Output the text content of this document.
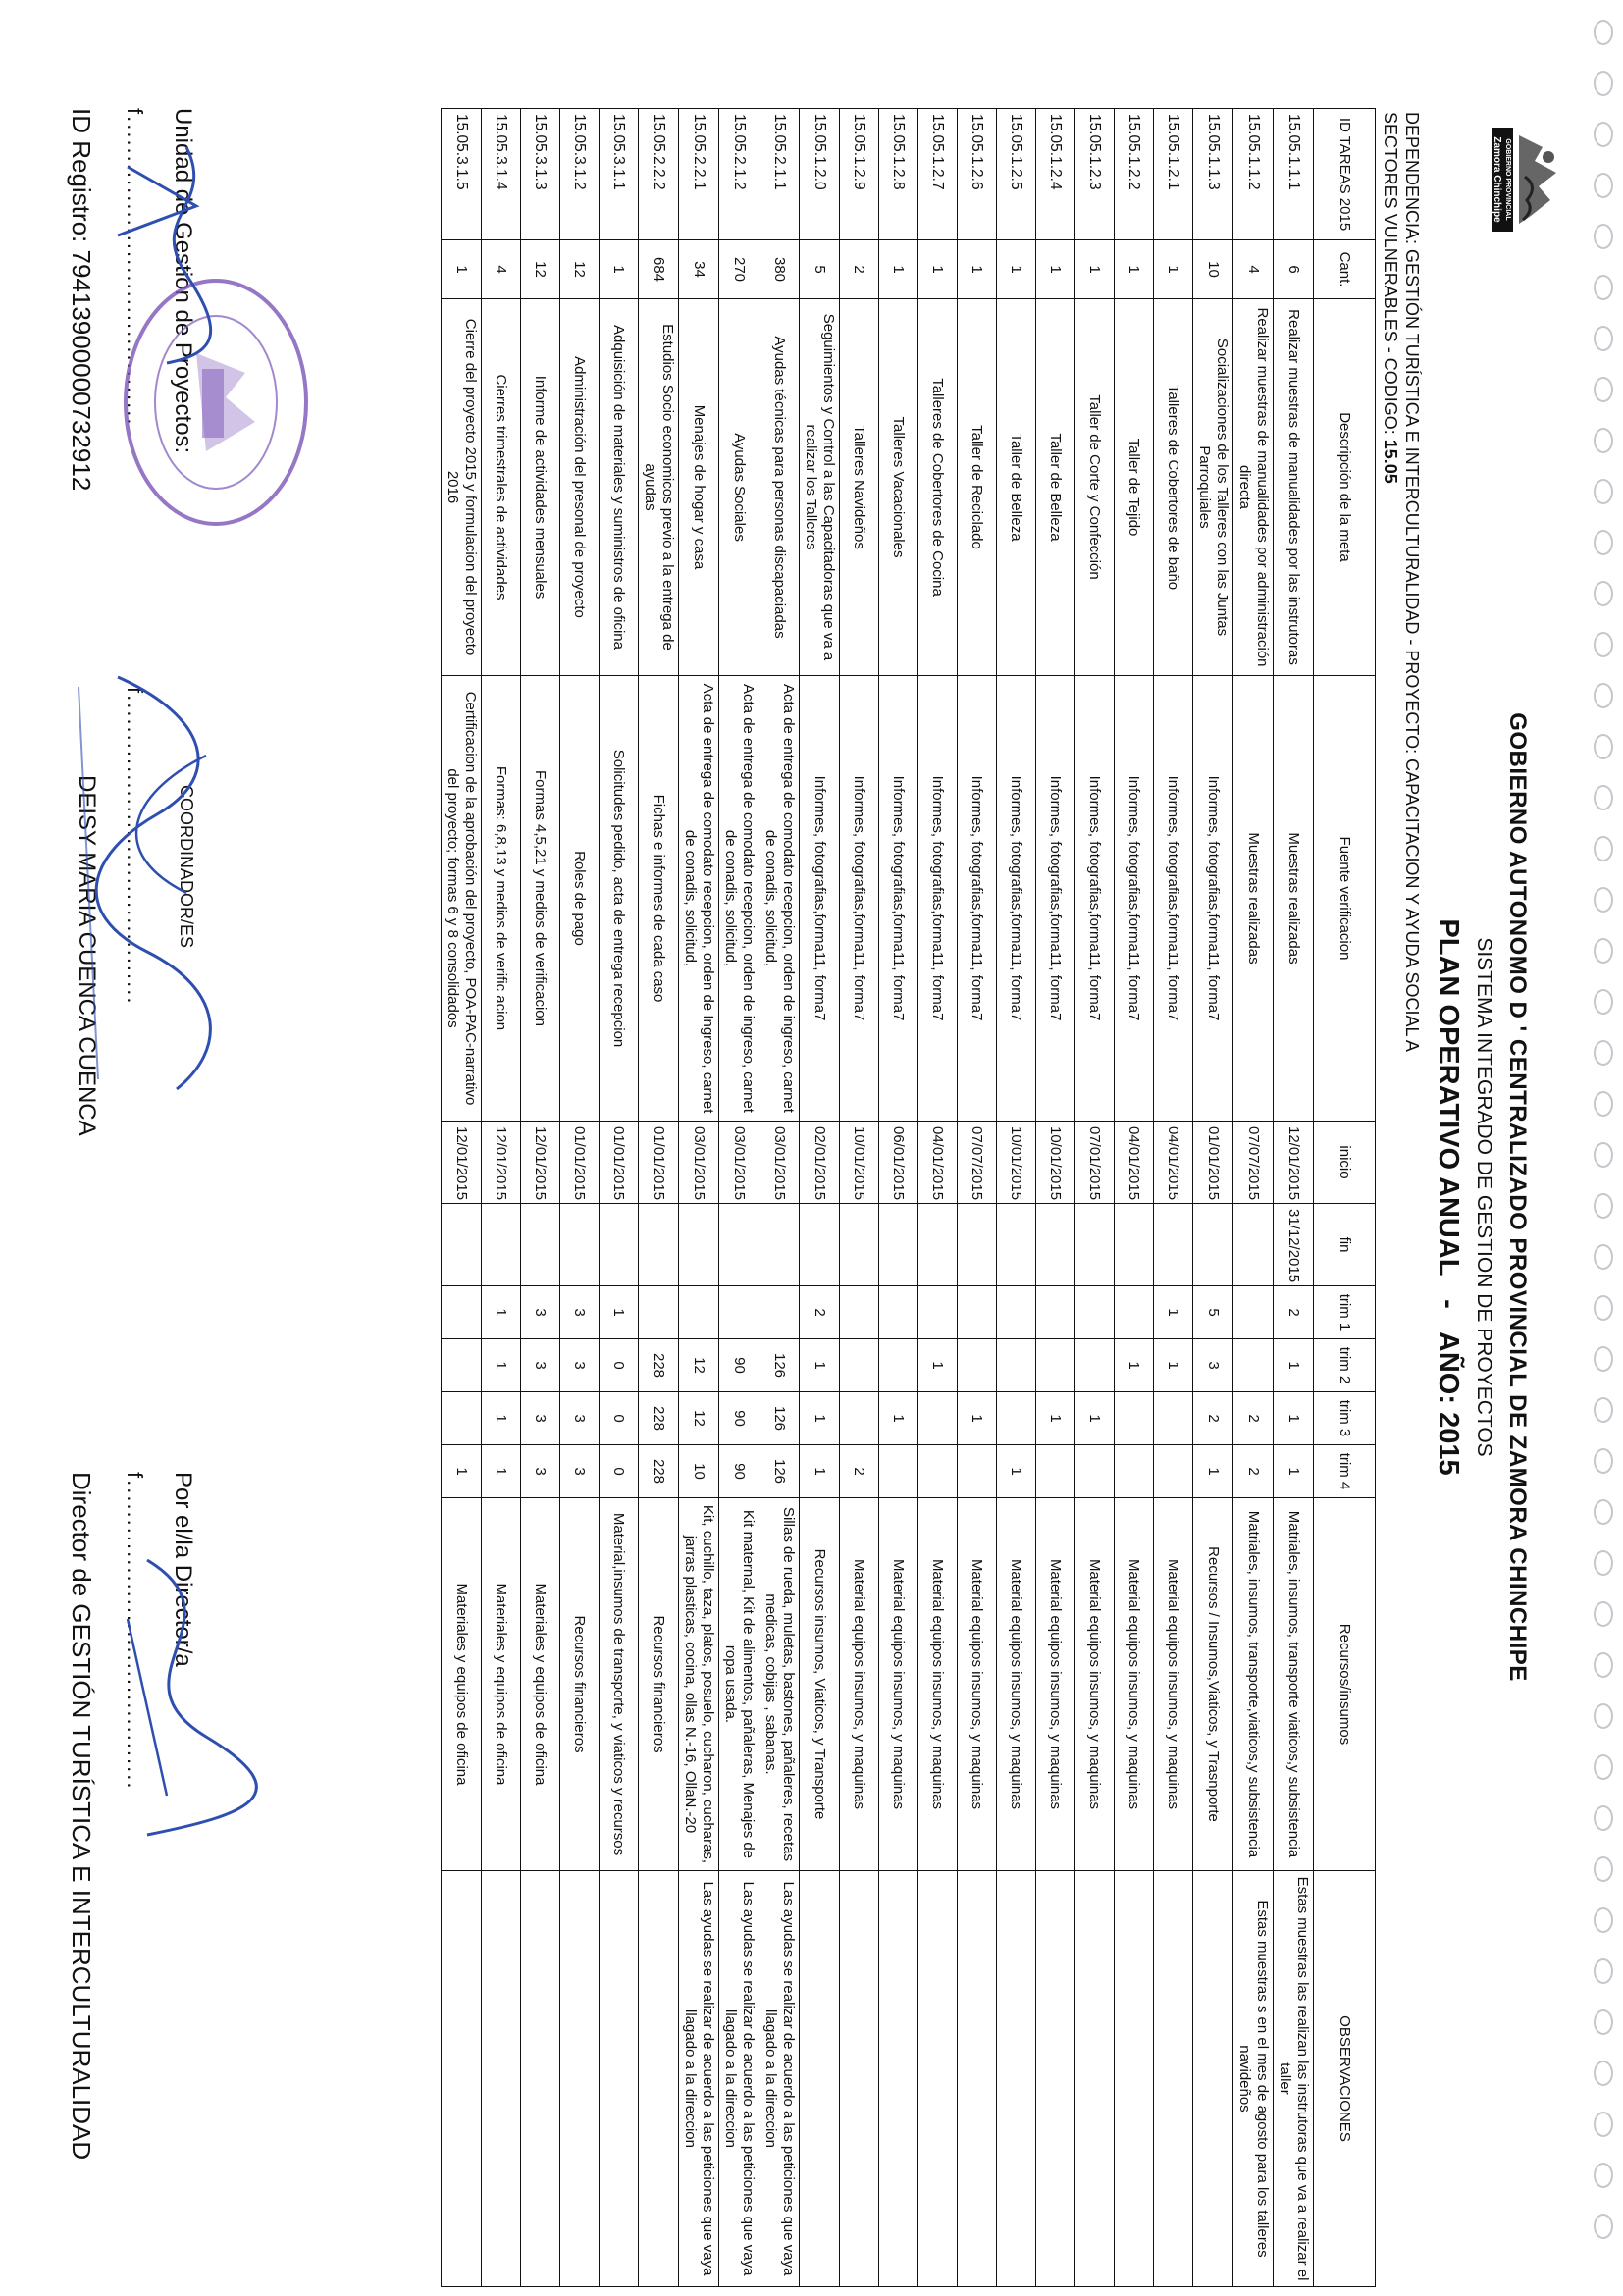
GOBIERNO PROVINCIAL
Zamora Chinchipe
GOBIERNO AUTONOMO D ' CENTRALIZADO PROVINCIAL DE ZAMORA CHINCHIPE
SISTEMA INTEGRADO DE GESTION DE PROYECTOS
PLAN OPERATIVO ANUAL   -   AÑO: 2015
DEPENDENCIA: GESTIÓN TURÍSTICA E INTERCULTURALIDAD - PROYECTO: CAPACITACION Y AYUDA SOCIAL A
SECTORES VULNERABLES - CODIGO: 15.05
ID TAREAS 2015	Cant.	Descripción de la meta	Fuente verificacion	inicio	fin	trim 1	trim 2	trim 3	trim 4	Recursos/insumos	OBSERVACIONES
15.05.1.1.1	6	Realizar muestras de manualidades por las instrutoras	Muestras realizadas	12/01/2015	31/12/2015	2	1	1	1	Matriales, insumos, transporte viaticos,y subsistencia	Estas muestras las realizan las instrutoras que va a realizar el taller
15.05.1.1.2	4	Realizar muestras de manualidades por administración directa	Muestras realizadas	07/07/2015				2	2	Matriales, insumos, transporte,viaticos,y subsistencia	Estas muestras s en el mes de agosto para los talleres navideños
15.05.1.1.3	10	Socializaciones de los Talleres con las Juntas Parroquiales	Informes, fotografias,forma11, forma7	01/01/2015		5	3	2	1	Recursos / Insumos,Viaticos, y Trasnporte	
15.05.1.2.1	1	Talleres de Cobertores de baño	Informes, fotografias,forma11, forma7	04/01/2015		1	1			Material equipos insumos, y maquinas	
15.05.1.2.2	1	Taller de Tejido	Informes, fotografias,forma11, forma7	04/01/2015			1			Material equipos insumos, y maquinas	
15.05.1.2.3	1	Taller de Corte y Confección	Informes, fotografias,forma11, forma7	07/01/2015				1		Material equipos insumos, y maquinas	
15.05.1.2.4	1	Taller de Belleza	Informes, fotografias,forma11, forma7	10/01/2015				1		Material equipos insumos, y maquinas	
15.05.1.2.5	1	Taller de Belleza	Informes, fotografias,forma11, forma7	10/01/2015					1	Material equipos insumos, y maquinas	
15.05.1.2.6	1	Taller de Reciclado	Informes, fotografias,forma11, forma7	07/07/2015				1		Material equipos insumos, y maquinas	
15.05.1.2.7	1	Talleres de Cobertores de Cocina	Informes, fotografias,forma11, forma7	04/01/2015			1			Material equipos insumos, y maquinas	
15.05.1.2.8	1	Talleres Vacacionales	Informes, fotografias,forma11, forma7	06/01/2015				1		Material equipos insumos, y maquinas	
15.05.1.2.9	2	Talleres Navideños	Informes, fotografias,forma11, forma7	10/01/2015					2	Material equipos insumos, y maquinas	
15.05.1.2.0	5	Seguimientos y Control a las Capacitadoras que va a realizar los Talleres	Informes, fotografias,forma11, forma7	02/01/2015		2	1	1	1	Recursos insumos, Viaticos, y Transporte	
15.05.2.1.1	380	Ayudas técnicas para personas discapaciadas	Acta de entrega de comodato recepcion, orden de ingreso, carnet de conadis, solicitud,	03/01/2015			126	126	126	Sillas de rueda, muletas, bastones, pañaleres, recetas medicas, cobijas , sabanas.	Las ayudas se realizar de acuerdo a las peticiones que vaya llagado a la direccion
15.05.2.1.2	270	Ayudas Sociales	Acta de entrega de comodato recepcion, orden de ingreso, carnet de conadis, solicitud,	03/01/2015			90	90	90	Kit maternal, Kit de alimentos, pañaleras, Menajes de ropa usada.	Las ayudas se realizar de acuerdo a las peticiones que vaya llagado a la direccion
15.05.2.2.1	34	Menajes de hogar y casa	Acta de entrega de comodato recepcion, orden de Ingreso, carnet de conadis, solicitud,	03/01/2015			12	12	10	Kit, cuchillo, taza, platos, posuelo, cucharon, cucharas, jarras plasticas, cocina, ollas N.-16, OllaN.-20	Las ayudas se realizar de acuerdo a las peticiones que vaya llagado a la direccion
15.05.2.2.2	684	Estudios Socio economicos previo a la entrega de ayudas	Fichas e informes de cada caso	01/01/2015			228	228	228	Recursos financieros	
15.05.3.1.1	1	Adquisición de materiales y suministros de oficina	Solicitudes pedido, acta de entrega recepcion	01/01/2015		1	0	0	0	Material,insumos de transporte, y viaticos y recursos	
15.05.3.1.2	12	Administración del presonal de proyecto	Roles de pago	01/01/2015		3	3	3	3	Recursos financieros	
15.05.3.1.3	12	Informe de actividades mensuales	Formas 4,5,21 y medios de verificacion	12/01/2015		3	3	3	3	Materiales y equipos de oficina	
15.05.3.1.4	4	Cierres trimestrales de actividades	Formas: 6,8,13 y medios de verific acion	12/01/2015		1	1	1	1	Materiales y equipos de oficina	
15.05.3.1.5	1	Cierre del proyecto 2015 y formulacion del proyecto 2016	Certificacion de la aprobación del proyecto, POA-PAC-narrativo del proyecto; formas 6 y 8 consolidados	12/01/2015					1	Materiales y equipos de oficina	
Unidad de Gestión de Proyectos:
f.......................................
ID Registro: 79413900000732912
COORDINADOR/ES
f.......................................
DEISY MARIA CUENCA CUENCA
Por el/la Director/a
f.......................................
Director de GESTIÓN TURÍSTICA E INTERCULTURALIDAD
